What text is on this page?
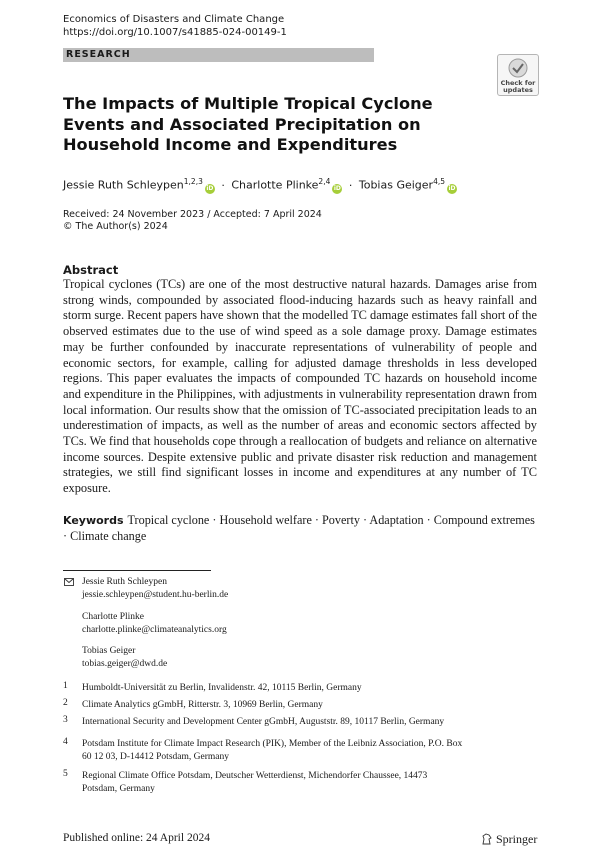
Economics of Disasters and Climate Change
https://doi.org/10.1007/s41885-024-00149-1
RESEARCH
Check for updates
The Impacts of Multiple Tropical Cyclone Events and Associated Precipitation on Household Income and Expenditures
Jessie Ruth Schleypen$^{1,2,3}$iD · Charlotte Plinke$^{2,4}$iD · Tobias Geiger$^{4,5}$iD
Received: 24 November 2023 / Accepted: 7 April 2024
© The Author(s) 2024
Abstract

Tropical cyclones (TCs) are one of the most destructive natural hazards. Damages arise from strong winds, compounded by associated flood-inducing hazards such as heavy rainfall and storm surge. Recent papers have shown that the modelled TC damage estimates fall short of the observed estimates due to the use of wind speed as a sole damage proxy. Damage estimates may be further confounded by inaccurate representations of vulnerability of people and economic sectors, for example, calling for adjusted damage thresholds in less developed regions. This paper evaluates the impacts of compounded TC hazards on household income and expenditure in the Philippines, with adjustments in vulnerability representation drawn from local information. Our results show that the omission of TC-associated precipitation leads to an underestimation of impacts, as well as the number of areas and economic sectors affected by TCs. We find that households cope through a reallocation of budgets and reliance on alternative income sources. Despite extensive public and private disaster risk reduction and management strategies, we still find significant losses in income and expenditures at any number of TC exposure.

Keywords Tropical cyclone · Household welfare · Poverty · Adaptation · Compound extremes · Climate change
Jessie Ruth Schleypen
jessie.schleypen@student.hu-berlin.de
Charlotte Plinke
charlotte.plinke@climateanalytics.org
Tobias Geiger
tobias.geiger@dwd.de
1 Humboldt-Universität zu Berlin, Invalidenstr. 42, 10115 Berlin, Germany
2 Climate Analytics gGmbH, Ritterstr. 3, 10969 Berlin, Germany
3 International Security and Development Center gGmbH, Auguststr. 89, 10117 Berlin, Germany
4 Potsdam Institute for Climate Impact Research (PIK), Member of the Leibniz Association, P.O. Box
60 12 03, D-14412 Potsdam, Germany
5 Regional Climate Office Potsdam, Deutscher Wetterdienst, Michendorfer Chaussee, 14473
Potsdam, Germany
Published online: 24 April 2024	Springer
